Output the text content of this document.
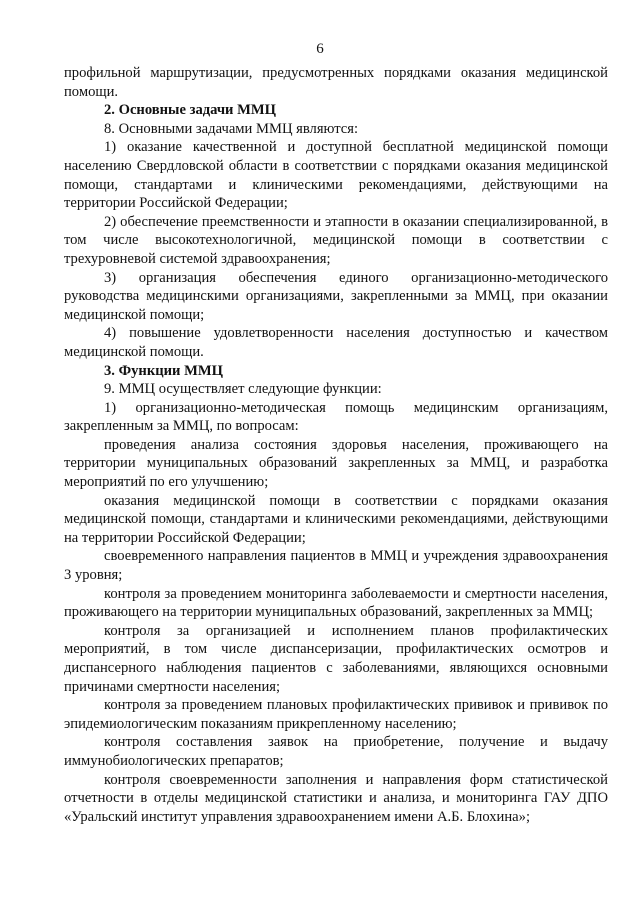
6

профильной маршрутизации, предусмотренных порядками оказания медицинской помощи.

2. Основные задачи ММЦ

8. Основными задачами ММЦ являются:

1) оказание качественной и доступной бесплатной медицинской помощи населению Свердловской области в соответствии с порядками оказания медицинской помощи, стандартами и клиническими рекомендациями, действующими на территории Российской Федерации;

2) обеспечение преемственности и этапности в оказании специализированной, в том числе высокотехнологичной, медицинской помощи в соответствии с трехуровневой системой здравоохранения;

3) организация обеспечения единого организационно-методического руководства медицинскими организациями, закрепленными за ММЦ, при оказании медицинской помощи;

4) повышение удовлетворенности населения доступностью и качеством медицинской помощи.

3. Функции ММЦ

9. ММЦ осуществляет следующие функции:

1) организационно-методическая помощь медицинским организациям, закрепленным за ММЦ, по вопросам:

проведения анализа состояния здоровья населения, проживающего на территории муниципальных образований закрепленных за ММЦ, и разработка мероприятий по его улучшению;

оказания медицинской помощи в соответствии с порядками оказания медицинской помощи, стандартами и клиническими рекомендациями, действующими на территории Российской Федерации;

своевременного направления пациентов в ММЦ и учреждения здравоохранения 3 уровня;

контроля за проведением мониторинга заболеваемости и смертности населения, проживающего на территории муниципальных образований, закрепленных за ММЦ;

контроля за организацией и исполнением планов профилактических мероприятий, в том числе диспансеризации, профилактических осмотров и диспансерного наблюдения пациентов с заболеваниями, являющихся основными причинами смертности населения;

контроля за проведением плановых профилактических прививок и прививок по эпидемиологическим показаниям прикрепленному населению;

контроля составления заявок на приобретение, получение и выдачу иммунобиологических препаратов;

контроля своевременности заполнения и направления форм статистической отчетности в отделы медицинской статистики и анализа, и мониторинга ГАУ ДПО «Уральский институт управления здравоохранением имени А.Б. Блохина»;
